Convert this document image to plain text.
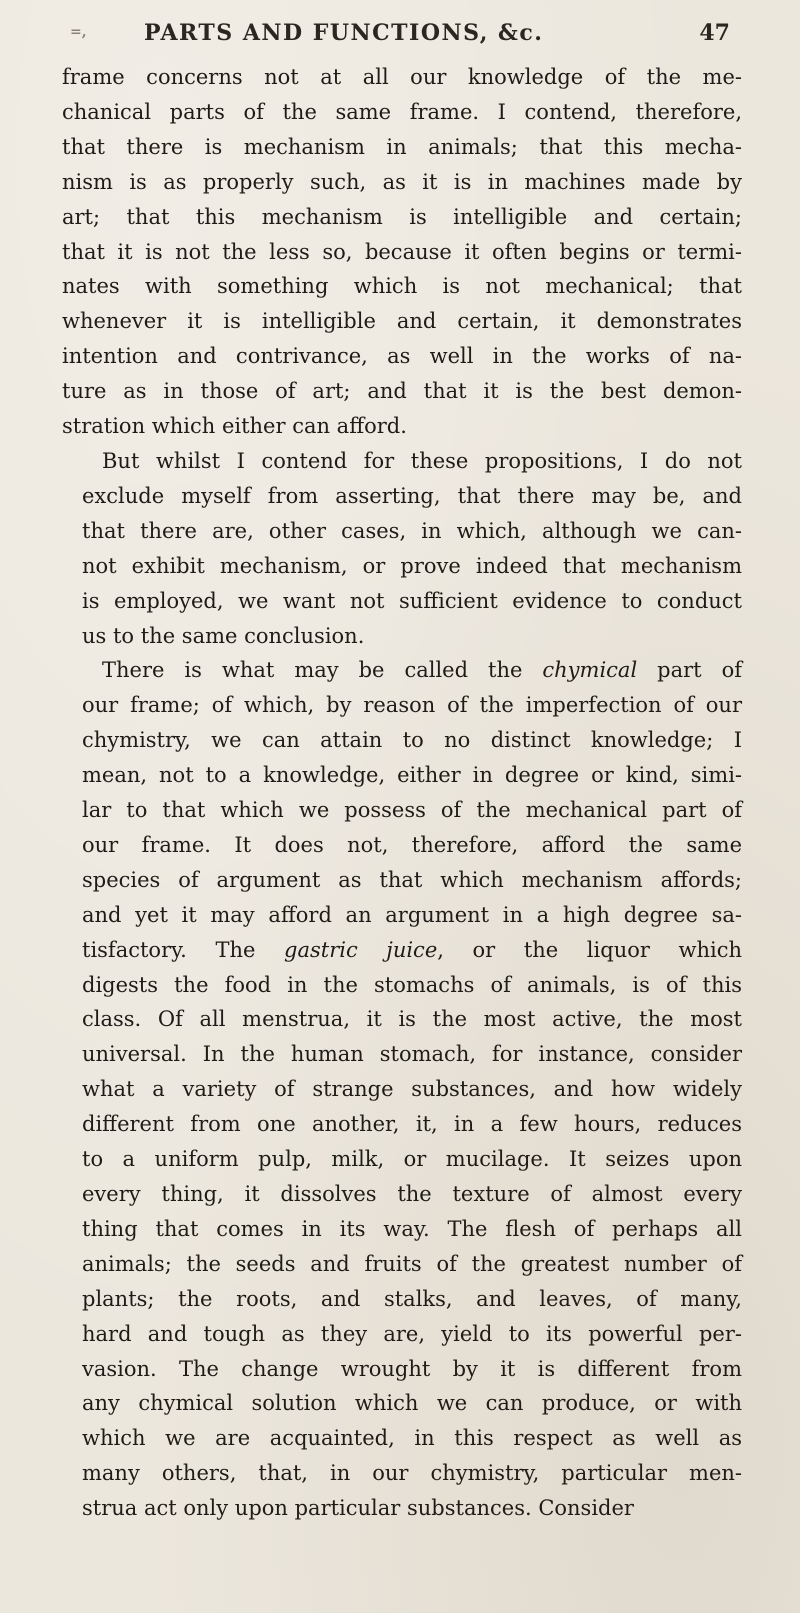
=,	PARTS AND FUNCTIONS, &c.	47
frame concerns not at all our knowledge of the me-
chanical parts of the same frame. I contend, therefore,
that there is mechanism in animals; that this mecha-
nism is as properly such, as it is in machines made by
art; that this mechanism is intelligible and certain;
that it is not the less so, because it often begins or termi-
nates with something which is not mechanical; that
whenever it is intelligible and certain, it demonstrates
intention and contrivance, as well in the works of na-
ture as in those of art; and that it is the best demon-
stration which either can afford.
But whilst I contend for these propositions, I do not
exclude myself from asserting, that there may be, and
that there are, other cases, in which, although we can-
not exhibit mechanism, or prove indeed that mechanism
is employed, we want not sufficient evidence to conduct
us to the same conclusion.
There is what may be called the chymical part of
our frame; of which, by reason of the imperfection of our
chymistry, we can attain to no distinct knowledge; I
mean, not to a knowledge, either in degree or kind, simi-
lar to that which we possess of the mechanical part of
our frame. It does not, therefore, afford the same
species of argument as that which mechanism affords;
and yet it may afford an argument in a high degree sa-
tisfactory. The gastric juice, or the liquor which
digests the food in the stomachs of animals, is of this
class. Of all menstrua, it is the most active, the most
universal. In the human stomach, for instance, consider
what a variety of strange substances, and how widely
different from one another, it, in a few hours, reduces
to a uniform pulp, milk, or mucilage. It seizes upon
every thing, it dissolves the texture of almost every
thing that comes in its way. The flesh of perhaps all
animals; the seeds and fruits of the greatest number of
plants; the roots, and stalks, and leaves, of many,
hard and tough as they are, yield to its powerful per-
vasion. The change wrought by it is different from
any chymical solution which we can produce, or with
which we are acquainted, in this respect as well as
many others, that, in our chymistry, particular men-
strua act only upon particular substances. Consider
